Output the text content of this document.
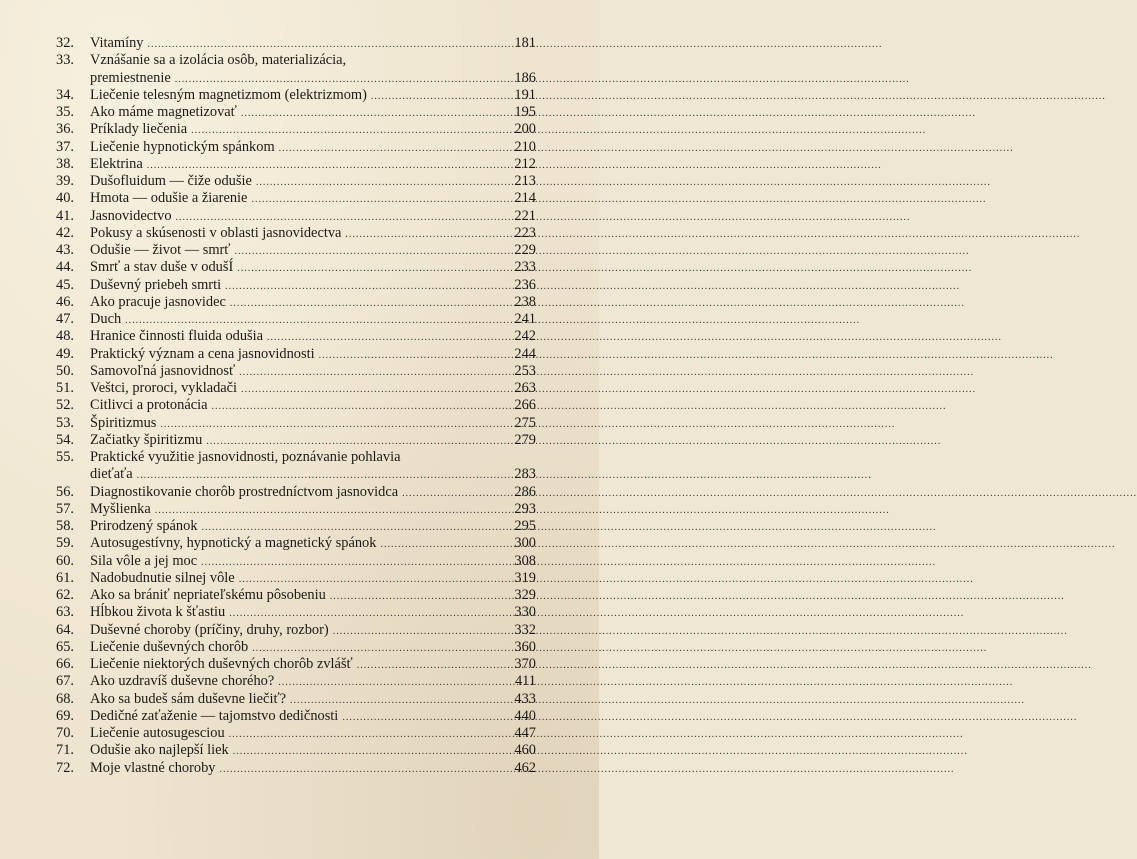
32.	Vitamíny .....	181
33.	Vznášanie sa a izolácia osôb, materializácia,
premiestnenie .....	186
34.	Liečenie telesným magnetizmom (elektrizmom) .....	191
35.	Ako máme magnetizovať .....	195
36.	Príklady liečenia .....	200
37.	Liečenie hypnotickým spánkom .....	210
38.	Elektrina .....	212
39.	Dušofluidum — čiže odušie .....	213
40.	Hmota — odušie a žiarenie .....	214
41.	Jasnovidectvo .....	221
42.	Pokusy a skúsenosti v oblasti jasnovidectva .....	223
43.	Odušie — život — smrť .....	229
44.	Smrť a stav duše v odušÍ .....	233
45.	Duševný priebeh smrti .....	236
46.	Ako pracuje jasnovidec .....	238
47.	Duch .....	241
48.	Hranice činnosti fluida odušia .....	242
49.	Praktický význam a cena jasnovidnosti .....	244
50.	Samovoľná jasnovidnosť .....	253
51.	Veštci, proroci, vykladači .....	263
52.	Citlivci a protonácia .....	266
53.	Špiritizmus .....	275
54.	Začiatky špiritizmu .....	279
55.	Praktické využitie jasnovidnosti, poznávanie pohlavia
dieťaťa .....	283
56.	Diagnostikovanie chorôb prostredníctvom jasnovidca .....	286
57.	Myšlienka .....	293
58.	Prirodzený spánok .....	295
59.	Autosugestívny, hypnotický a magnetický spánok .....	300
60.	Sila vôle a jej moc .....	308
61.	Nadobudnutie silnej vôle .....	319
62.	Ako sa brániť nepriateľskému pôsobeniu .....	329
63.	Hĺbkou života k šťastiu .....	330
64.	Duševné choroby (príčiny, druhy, rozbor) .....	332
65.	Liečenie duševných chorôb .....	360
66.	Liečenie niektorých duševných chorôb zvlášť .....	370
67.	Ako uzdravíš duševne chorého? .....	411
68.	Ako sa budeš sám duševne liečiť? .....	433
69.	Dedičné zaťaženie — tajomstvo dedičnosti .....	440
70.	Liečenie autosugesciou .....	447
71.	Odušie ako najlepší liek .....	460
72.	Moje vlastné choroby .....	462
